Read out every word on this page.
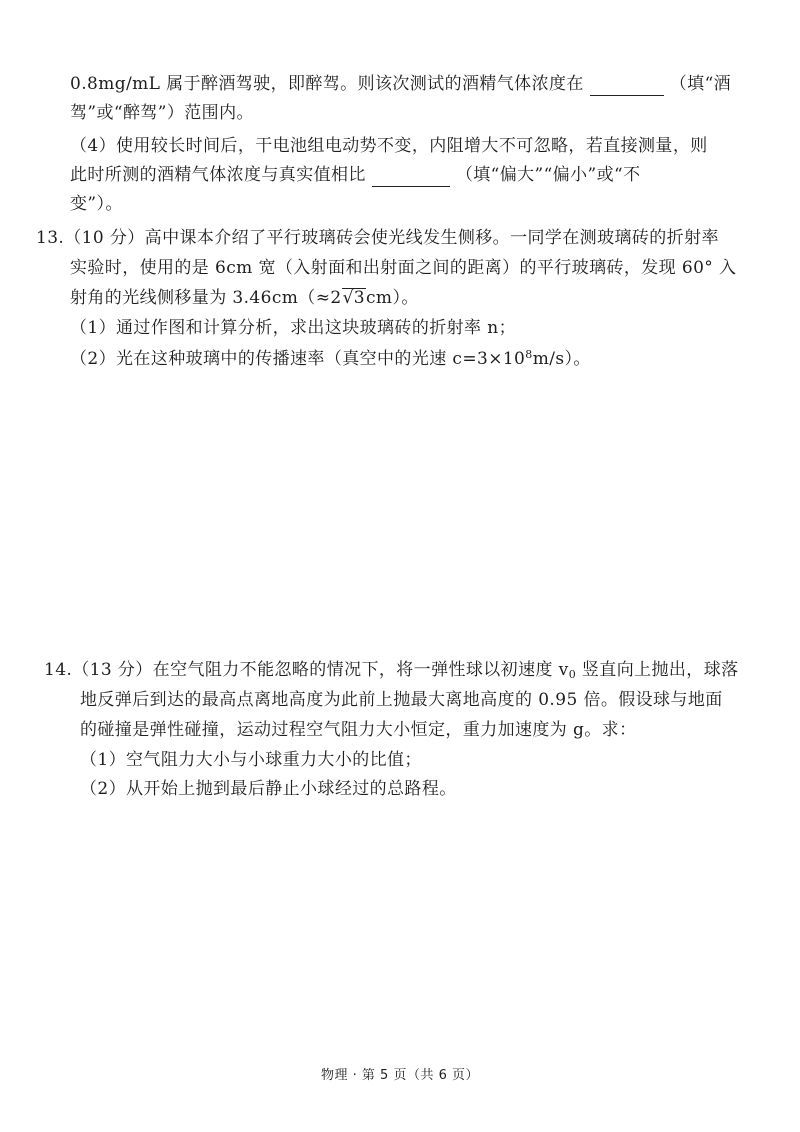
0.8mg/mL 属于醉酒驾驶，即醉驾。则该次测试的酒精气体浓度在	（填“酒
驾”或“醉驾”）范围内。
（4）使用较长时间后，干电池组电动势不变，内阻增大不可忽略，若直接测量，则
此时所测的酒精气体浓度与真实值相比	（填“偏大”“偏小”或“不
变”）。
13.（10 分）高中课本介绍了平行玻璃砖会使光线发生侧移。一同学在测玻璃砖的折射率
实验时，使用的是 6cm 宽（入射面和出射面之间的距离）的平行玻璃砖，发现 60° 入
射角的光线侧移量为 3.46cm（≈2√3cm）。
（1）通过作图和计算分析，求出这块玻璃砖的折射率 n；
（2）光在这种玻璃中的传播速率（真空中的光速 $c=3\times 10^8m/s$）。
14.（13 分）在空气阻力不能忽略的情况下，将一弹性球以初速度 $v_0$ 竖直向上抛出，球落
地反弹后到达的最高点离地高度为此前上抛最大离地高度的 0.95 倍。假设球与地面
的碰撞是弹性碰撞，运动过程空气阻力大小恒定，重力加速度为 g。求：
（1）空气阻力大小与小球重力大小的比值；
（2）从开始上抛到最后静止小球经过的总路程。
物理 · 第 5 页（共 6 页）
